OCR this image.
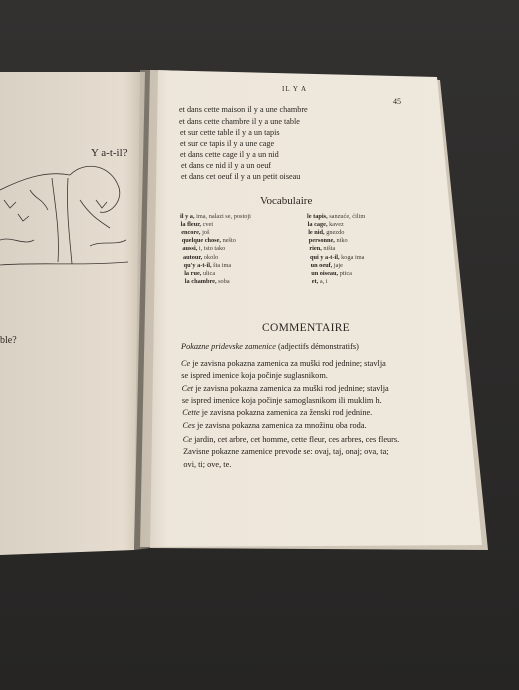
Y a-t-il?
ble?
IL Y A
45
et dans cette maison il y a une chambre
et dans cette chambre il y a une table
et sur cette table il y a un tapis
et sur ce tapis il y a une cage
et dans cette cage il y a un nid
et dans ce nid il y a un oeuf
et dans cet oeuf il y a un petit oiseau
Vocabulaire
il y a, ima, nalazi se, postoji
la fleur, cvet
encore, još
quelque chose, nešto
aussi, i, isto tako
autour, okolo
qu'y a-t-il, šta ima
la rue, ulica
la chambre, soba
le tapis, sanzuće, ćilim
la cage, kavez
le nid, gnezdo
personne, niko
rien, ništa
qui y a-t-il, koga ima
un oeuf, jaje
un oiseau, ptica
et, a, i
COMMENTAIRE
Pokazne pridevske zamenice (adjectifs démonstratifs)
Ce je zavisna pokazna zamenica za muški rod jednine; stavlja
se ispred imenice koja počinje suglasnikom.
Cet je zavisna pokazna zamenica za muški rod jednine; stavlja
se ispred imenice koja počinje samoglasnikom ili muklim h.
Cette je zavisna pokazna zamenica za ženski rod jednine.
Ces je zavisna pokazna zamenica za množinu oba roda.
Ce jardin, cet arbre, cet homme, cette fleur, ces arbres, ces fleurs.
Zavisne pokazne zamenice prevode se: ovaj, taj, onaj; ova, ta;
ovi, ti; ove, te.
